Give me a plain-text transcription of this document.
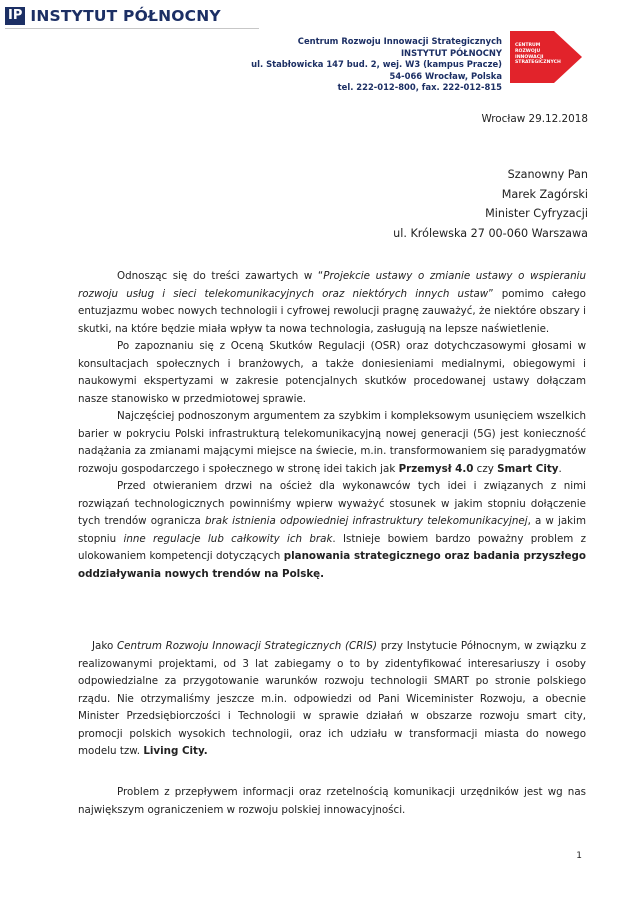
IP INSTYTUT PÓŁNOCNY
Centrum Rozwoju Innowacji Strategicznych
INSTYTUT PÓŁNOCNY
ul. Stabłowicka 147 bud. 2, wej. W3 (kampus Pracze)
54-066 Wrocław, Polska
tel. 222-012-800, fax. 222-012-815
CENTRUM
ROZWOJU
INNOWACJI
STRATEGICZNYCH
Wrocław 29.12.2018
Szanowny Pan
Marek Zagórski
Minister Cyfryzacji
ul. Królewska 27 00-060 Warszawa

Odnosząc się do treści zawartych w “Projekcie ustawy o zmianie ustawy o wspieraniu rozwoju usług i sieci telekomunikacyjnych oraz niektórych innych ustaw” pomimo całego entuzjazmu wobec nowych technologii i cyfrowej rewolucji pragnę zauważyć, że niektóre obszary i skutki, na które będzie miała wpływ ta nowa technologia, zasługują na lepsze naświetlenie.

Po zapoznaniu się z Oceną Skutków Regulacji (OSR) oraz dotychczasowymi głosami w konsultacjach społecznych i branżowych, a także doniesieniami medialnymi, obiegowymi i naukowymi ekspertyzami w zakresie potencjalnych skutków procedowanej ustawy dołączam nasze stanowisko w przedmiotowej sprawie.

Najczęściej podnoszonym argumentem za szybkim i kompleksowym usunięciem wszelkich barier w pokryciu Polski infrastrukturą telekomunikacyjną nowej generacji (5G) jest konieczność nadążania za zmianami mającymi miejsce na świecie, m.in. transformowaniem się paradygmatów rozwoju gospodarczego i społecznego w stronę idei takich jak Przemysł 4.0 czy Smart City.

Przed otwieraniem drzwi na oścież dla wykonawców tych idei i związanych z nimi rozwiązań technologicznych powinniśmy wpierw wyważyć stosunek w jakim stopniu dołączenie tych trendów ogranicza brak istnienia odpowiedniej infrastruktury telekomunikacyjnej, a w jakim stopniu inne regulacje lub całkowity ich brak. Istnieje bowiem bardzo poważny problem z ulokowaniem kompetencji dotyczących planowania strategicznego oraz badania przyszłego oddziaływania nowych trendów na Polskę.

Jako Centrum Rozwoju Innowacji Strategicznych (CRIS) przy Instytucie Północnym, w związku z realizowanymi projektami, od 3 lat zabiegamy o to by zidentyfikować interesariuszy i osoby odpowiedzialne za przygotowanie warunków rozwoju technologii SMART po stronie polskiego rządu. Nie otrzymaliśmy jeszcze m.in. odpowiedzi od Pani Wiceminister Rozwoju, a obecnie Minister Przedsiębiorczości i Technologii w sprawie działań w obszarze rozwoju smart city, promocji polskich wysokich technologii, oraz ich udziału w transformacji miasta do nowego modelu tzw. Living City.

Problem z przepływem informacji oraz rzetelnością komunikacji urzędników jest wg nas największym ograniczeniem w rozwoju polskiej innowacyjności.

1
